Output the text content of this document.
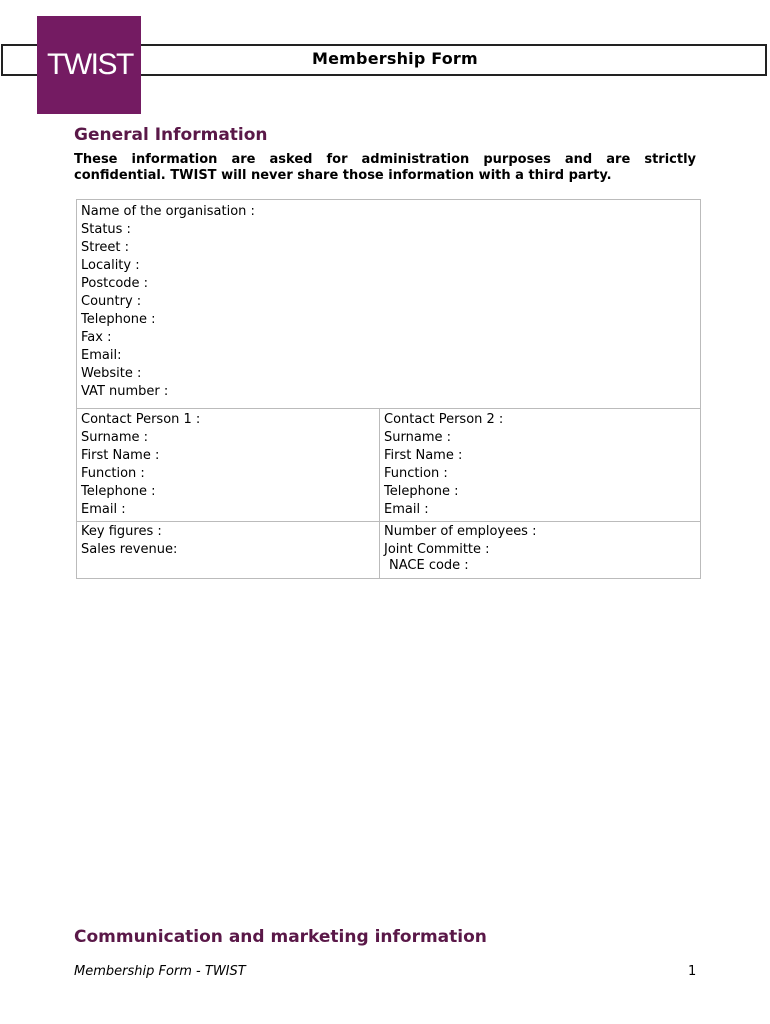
Membership Form
TWIST
General Information
These information are asked for administration purposes and are strictly confidential. TWIST will never share those information with a third party.
Name of the organisation :
Status :
Street :
Locality :
Postcode :
Country :
Telephone :
Fax :
Email:
Website :
VAT number :
Contact Person 1 :
Surname :
First Name :
Function :
Telephone :
Email :
Contact Person 2 :
Surname :
First Name :
Function :
Telephone :
Email :
Key figures :
Sales revenue:
Number of employees :
Joint Committe :
NACE code :
Communication and marketing information
Membership Form - TWIST	1
